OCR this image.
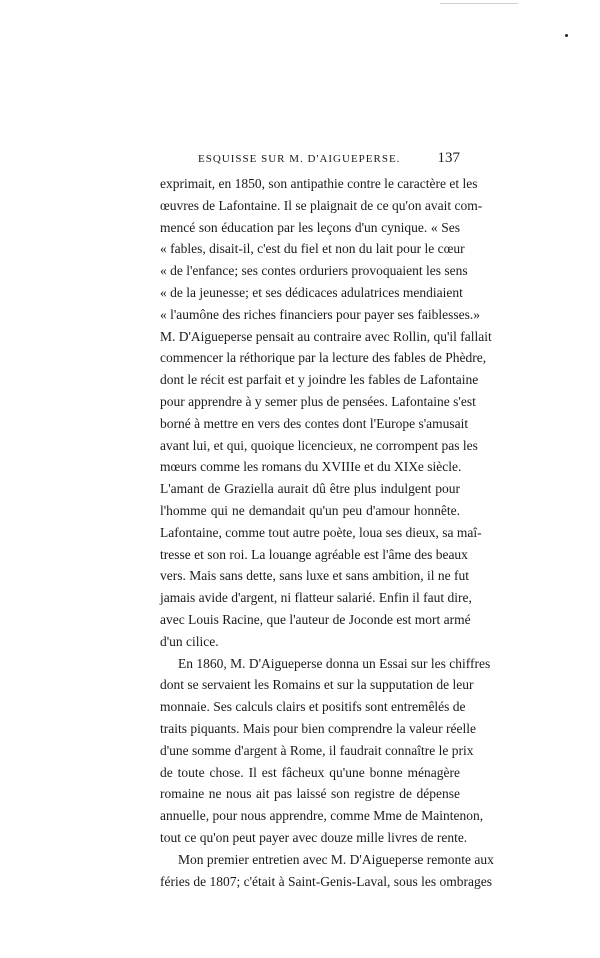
ESQUISSE SUR M. D'AIGUEPERSE. 137
exprimait, en 1850, son antipathie contre le caractère et les
œuvres de Lafontaine. Il se plaignait de ce qu'on avait com-
mencé son éducation par les leçons d'un cynique. « Ses
« fables, disait-il, c'est du fiel et non du lait pour le cœur
« de l'enfance; ses contes orduriers provoquaient les sens
« de la jeunesse; et ses dédicaces adulatrices mendiaient
« l'aumône des riches financiers pour payer ses faiblesses.»
M. D'Aigueperse pensait au contraire avec Rollin, qu'il fallait
commencer la réthorique par la lecture des fables de Phèdre,
dont le récit est parfait et y joindre les fables de Lafontaine
pour apprendre à y semer plus de pensées. Lafontaine s'est
borné à mettre en vers des contes dont l'Europe s'amusait
avant lui, et qui, quoique licencieux, ne corrompent pas les
mœurs comme les romans du XVIIIe et du XIXe siècle.
L'amant de Graziella aurait dû être plus indulgent pour
l'homme qui ne demandait qu'un peu d'amour honnête.
Lafontaine, comme tout autre poète, loua ses dieux, sa maî-
tresse et son roi. La louange agréable est l'âme des beaux
vers. Mais sans dette, sans luxe et sans ambition, il ne fut
jamais avide d'argent, ni flatteur salarié. Enfin il faut dire,
avec Louis Racine, que l'auteur de Joconde est mort armé
d'un cilice.
En 1860, M. D'Aigueperse donna un Essai sur les chiffres
dont se servaient les Romains et sur la supputation de leur
monnaie. Ses calculs clairs et positifs sont entremêlés de
traits piquants. Mais pour bien comprendre la valeur réelle
d'une somme d'argent à Rome, il faudrait connaître le prix
de toute chose. Il est fâcheux qu'une bonne ménagère
romaine ne nous ait pas laissé son registre de dépense
annuelle, pour nous apprendre, comme Mme de Maintenon,
tout ce qu'on peut payer avec douze mille livres de rente.
Mon premier entretien avec M. D'Aigueperse remonte aux
féries de 1807; c'était à Saint-Genis-Laval, sous les ombrages
